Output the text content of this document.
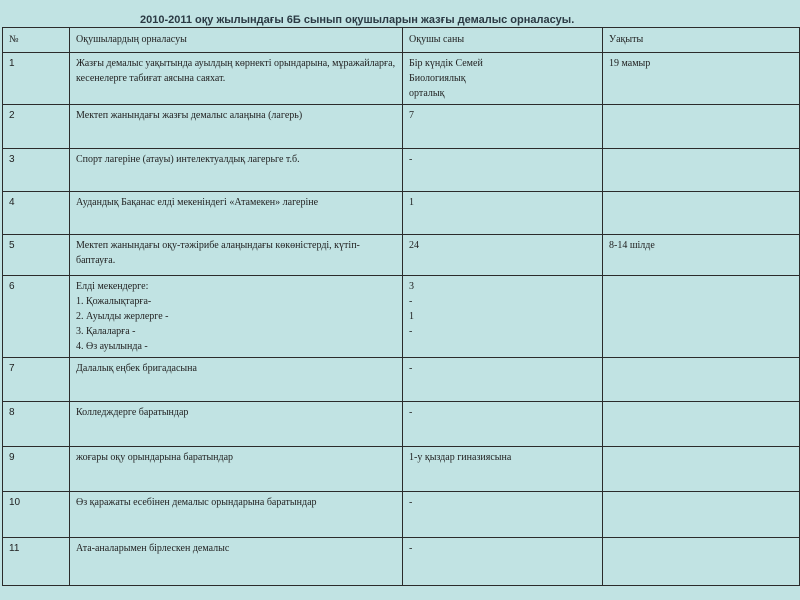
2010-2011 оқу жылындағы 6Б сынып оқушыларын жазғы демалыс орналасуы.
№	Оқушылардың орналасуы	Оқушы саны	Уақыты
1	Жазғы демалыс уақытында ауылдың көрнекті орындарына, мұражайларға, кесенелерге табиғат аясына саяхат.	Бір күндік Семей
Биологиялық
орталық	19 мамыр
2	Мектеп жанындағы жазғы демалыс алаңына (лагерь)	7	
3	Спорт лагеріне (атауы) интелектуалдық лагерьге т.б.	-	
4	Аудандық Бақанас елді мекеніндегі «Атамекен» лагеріне	1	
5	Мектеп жанындағы оқу-тәжірибе алаңындағы көкөністерді, күтіп-баптауға.	24	8-14 шілде
6	Елді мекендерге:
1. Қожалықтарға-
2. Ауылды жерлерге -
3. Қалаларға -
4. Өз ауылында -	3
-
1
-	
7	Далалық еңбек бригадасына	-	
8	Колледждерге баратындар	-	
9	жоғары оқу орындарына баратындар	1-у қыздар гиназиясына	
10	Өз қаражаты есебінен демалыс орындарына баратындар	-	
11	Ата-аналарымен бірлескен демалыс	-	
